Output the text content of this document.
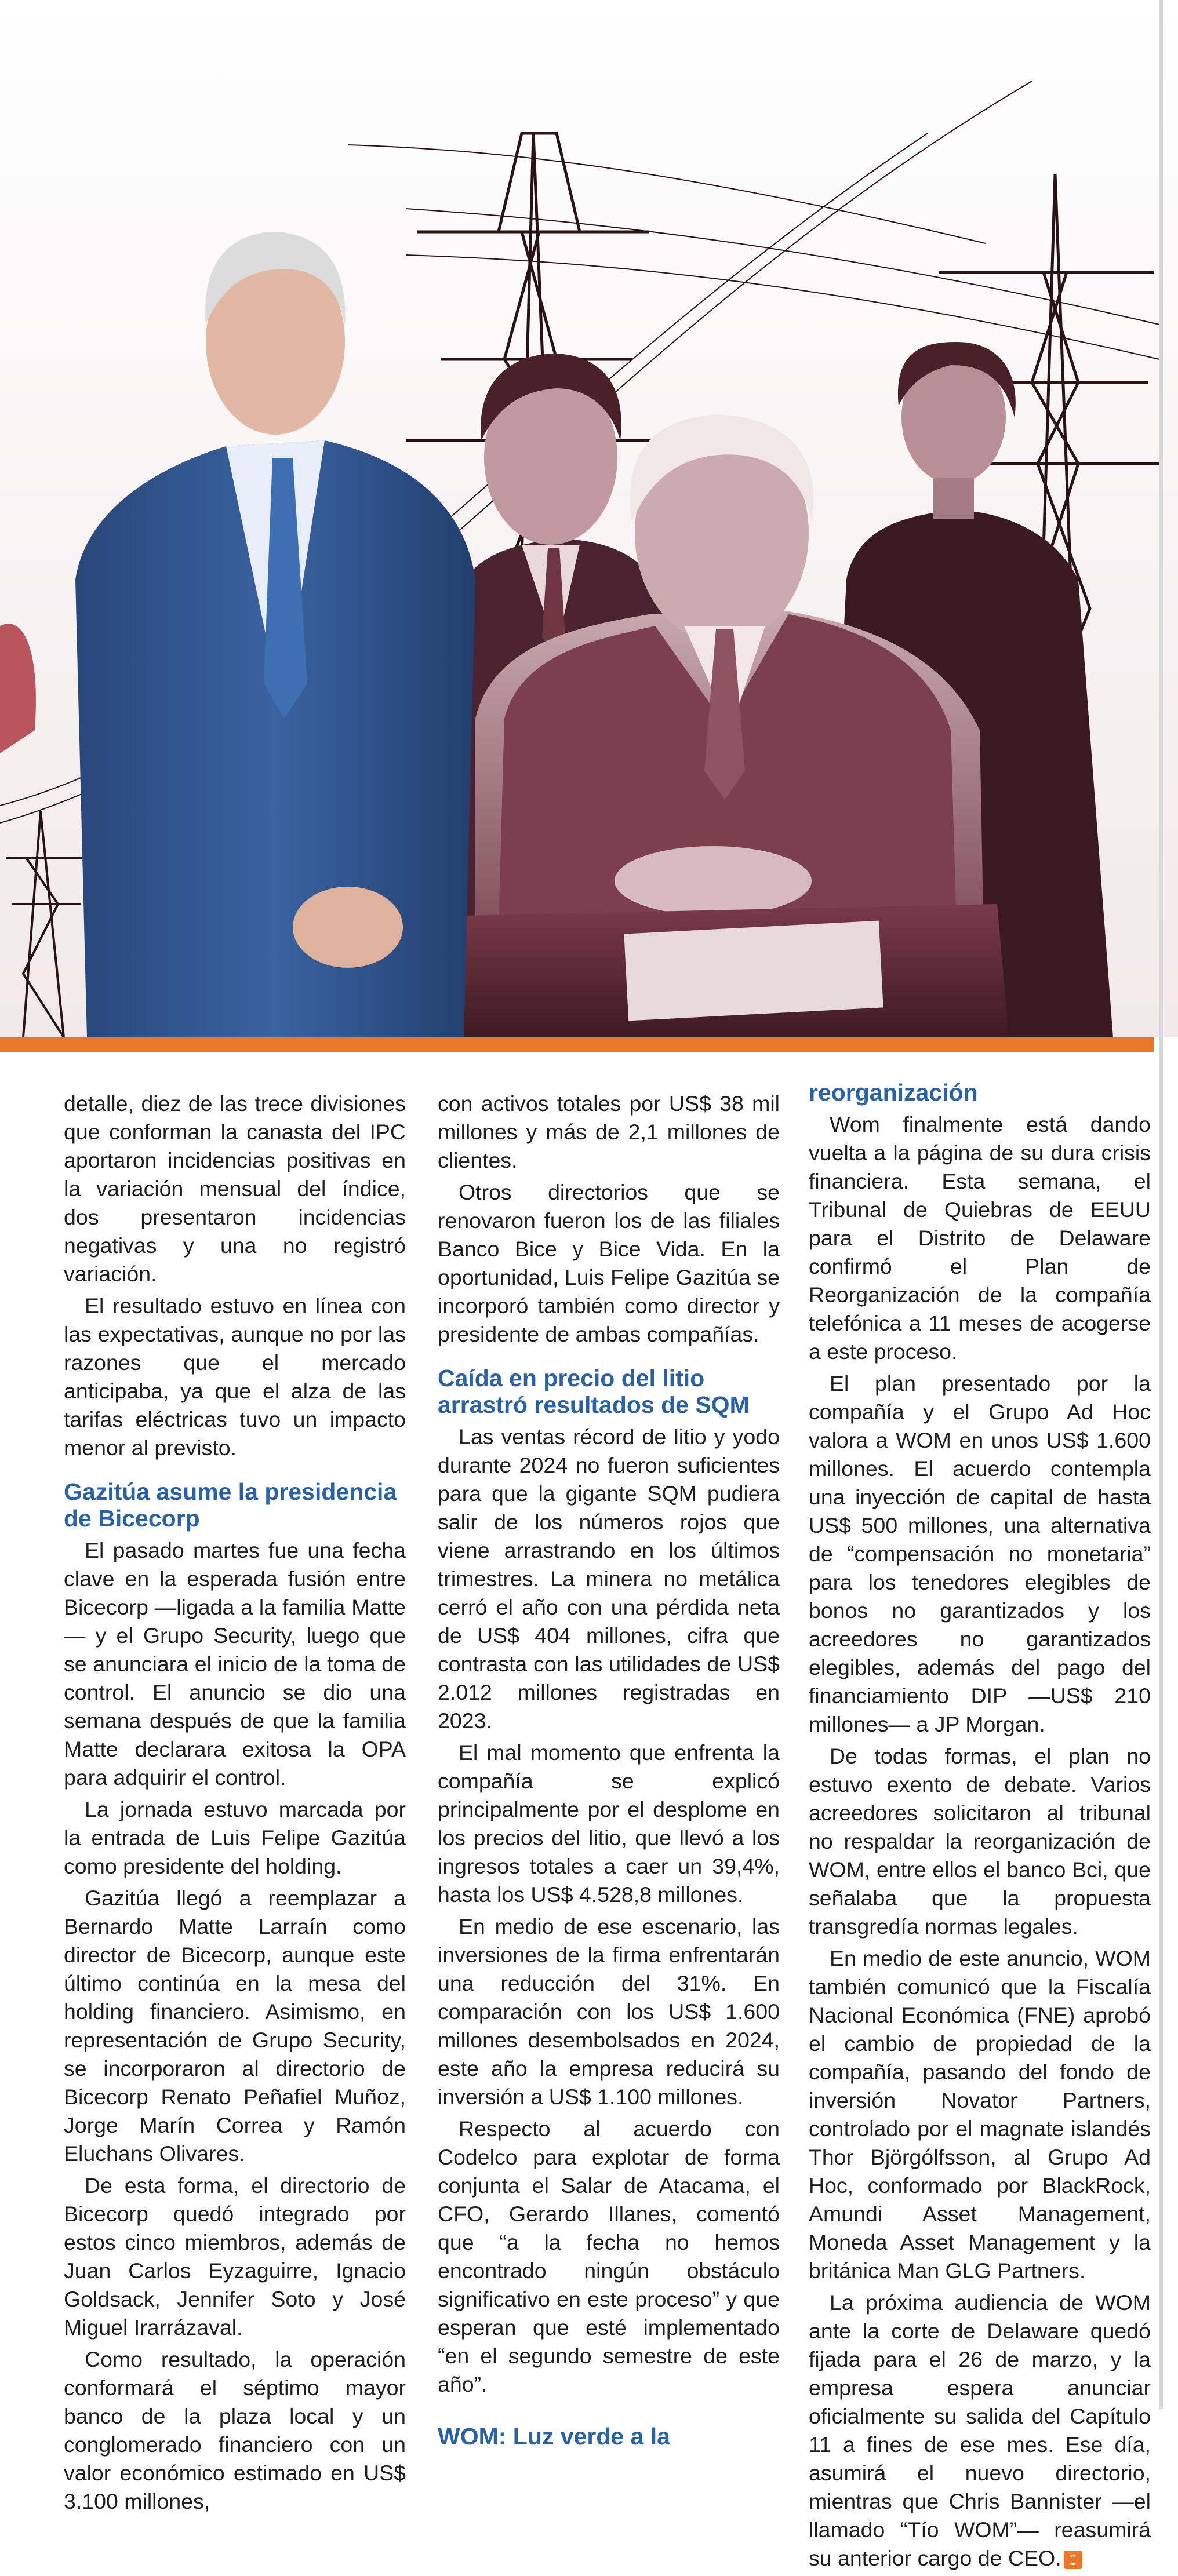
detalle, diez de las trece divisiones que conforman la canasta del IPC aportaron incidencias positivas en la variación mensual del índice, dos presentaron incidencias negativas y una no registró variación.

El resultado estuvo en línea con las expectativas, aunque no por las razones que el mercado anticipaba, ya que el alza de las tarifas eléctricas tuvo un impacto menor al previsto.

Gazitúa asume la presidencia de Bicecorp

El pasado martes fue una fecha clave en la esperada fusión entre Bicecorp —ligada a la familia Matte— y el Grupo Security, luego que se anunciara el inicio de la toma de control. El anuncio se dio una semana después de que la familia Matte declarara exitosa la OPA para adquirir el control.

La jornada estuvo marcada por la entrada de Luis Felipe Gazitúa como presidente del holding.

Gazitúa llegó a reemplazar a Bernardo Matte Larraín como director de Bicecorp, aunque este último continúa en la mesa del holding financiero. Asimismo, en representación de Grupo Security, se incorporaron al directorio de Bicecorp Renato Peñafiel Muñoz, Jorge Marín Correa y Ramón Eluchans Olivares.

De esta forma, el directorio de Bicecorp quedó integrado por estos cinco miembros, además de Juan Carlos Eyzaguirre, Ignacio Goldsack, Jennifer Soto y José Miguel Irarrázaval.

Como resultado, la operación conformará el séptimo mayor banco de la plaza local y un conglomerado financiero con un valor económico estimado en US$ 3.100 millones,

con activos totales por US$ 38 mil millones y más de 2,1 millones de clientes.

Otros directorios que se renovaron fueron los de las filiales Banco Bice y Bice Vida. En la oportunidad, Luis Felipe Gazitúa se incorporó también como director y presidente de ambas compañías.

Caída en precio del litio arrastró resultados de SQM

Las ventas récord de litio y yodo durante 2024 no fueron suficientes para que la gigante SQM pudiera salir de los números rojos que viene arrastrando en los últimos trimestres. La minera no metálica cerró el año con una pérdida neta de US$ 404 millones, cifra que contrasta con las utilidades de US$ 2.012 millones registradas en 2023.

El mal momento que enfrenta la compañía se explicó principalmente por el desplome en los precios del litio, que llevó a los ingresos totales a caer un 39,4%, hasta los US$ 4.528,8 millones.

En medio de ese escenario, las inversiones de la firma enfrentarán una reducción del 31%. En comparación con los US$ 1.600 millones desembolsados en 2024, este año la empresa reducirá su inversión a US$ 1.100 millones.

Respecto al acuerdo con Codelco para explotar de forma conjunta el Salar de Atacama, el CFO, Gerardo Illanes, comentó que “a la fecha no hemos encontrado ningún obstáculo significativo en este proceso” y que esperan que esté implementado “en el segundo semestre de este año”.

WOM: Luz verde a la
reorganización

Wom finalmente está dando vuelta a la página de su dura crisis financiera. Esta semana, el Tribunal de Quiebras de EEUU para el Distrito de Delaware confirmó el Plan de Reorganización de la compañía telefónica a 11 meses de acogerse a este proceso.

El plan presentado por la compañía y el Grupo Ad Hoc valora a WOM en unos US$ 1.600 millones. El acuerdo contempla una inyección de capital de hasta US$ 500 millones, una alternativa de “compensación no monetaria” para los tenedores elegibles de bonos no garantizados y los acreedores no garantizados elegibles, además del pago del financiamiento DIP —US$ 210 millones— a JP Morgan.

De todas formas, el plan no estuvo exento de debate. Varios acreedores solicitaron al tribunal no respaldar la reorganización de WOM, entre ellos el banco Bci, que señalaba que la propuesta transgredía normas legales.

En medio de este anuncio, WOM también comunicó que la Fiscalía Nacional Económica (FNE) aprobó el cambio de propiedad de la compañía, pasando del fondo de inversión Novator Partners, controlado por el magnate islandés Thor Björgólfsson, al Grupo Ad Hoc, conformado por BlackRock, Amundi Asset Management, Moneda Asset Management y la británica Man GLG Partners.

La próxima audiencia de WOM ante la corte de Delaware quedó fijada para el 26 de marzo, y la empresa espera anunciar oficialmente su salida del Capítulo 11 a fines de ese mes. Ese día, asumirá el nuevo directorio, mientras que Chris Bannister —el llamado “Tío WOM”— reasumirá su anterior cargo de CEO.
